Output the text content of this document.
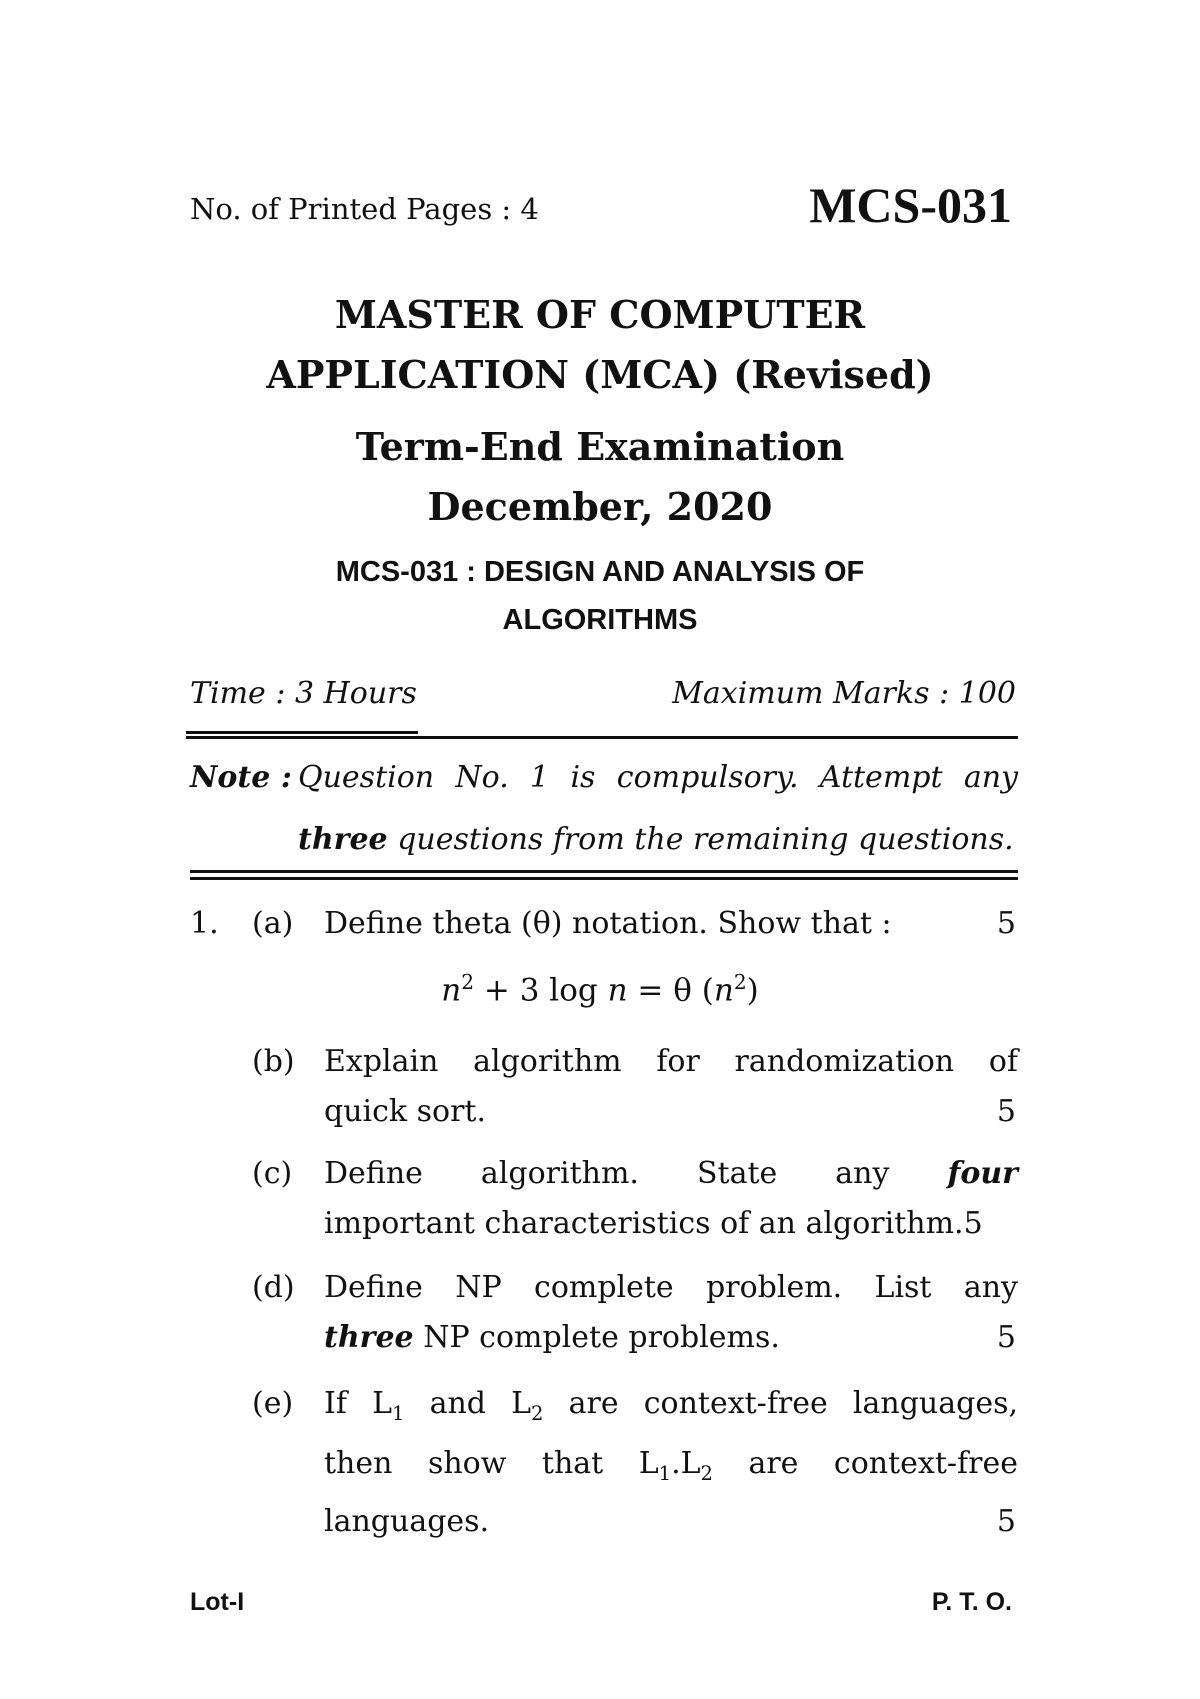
No. of Printed Pages : 4	MCS-031
MASTER OF COMPUTER
APPLICATION (MCA) (Revised)
Term-End Examination
December, 2020
MCS-031 : DESIGN AND ANALYSIS OF
ALGORITHMS
Time : 3 Hours	Maximum Marks : 100
Note : Question No. 1 is compulsory. Attempt any
three questions from the remaining questions.
1. (a) Define theta (θ) notation. Show that :	5
$n^2 + 3$ log n = θ $(n^2)$
(b) Explain algorithm for randomization of
quick sort.	5
(c) Define algorithm. State any four
important characteristics of an algorithm.5
(d) Define NP complete problem. List any
three NP complete problems.	5
(e) If $L_1$ and $L_2$ are context-free languages,
then show that $L_1.L_2$ are context-free
languages.	5
Lot-I	P. T. O.
